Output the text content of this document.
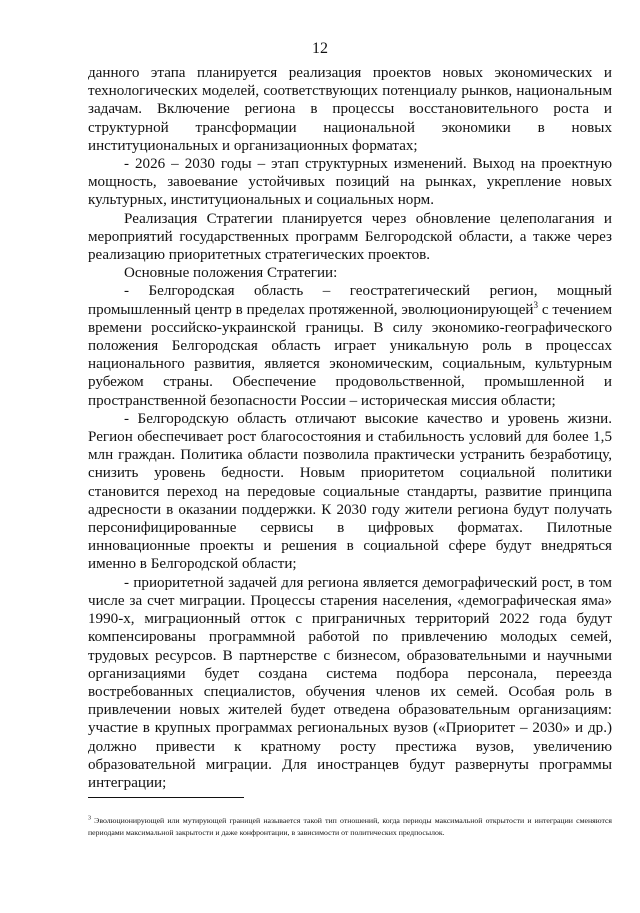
12

данного этапа планируется реализация проектов новых экономических и технологических моделей, соответствующих потенциалу рынков, национальным задачам. Включение региона в процессы восстановительного роста и структурной трансформации национальной экономики в новых институциональных и организационных форматах;

- 2026 – 2030 годы – этап структурных изменений. Выход на проектную мощность, завоевание устойчивых позиций на рынках, укрепление новых культурных, институциональных и социальных норм.

Реализация Стратегии планируется через обновление целеполагания и мероприятий государственных программ Белгородской области, а также через реализацию приоритетных стратегических проектов.

Основные положения Стратегии:

- Белгородская область – геостратегический регион, мощный промышленный центр в пределах протяженной, эволюционирующей$^3$ с течением времени российско-украинской границы. В силу экономико-географического положения Белгородская область играет уникальную роль в процессах национального развития, является экономическим, социальным, культурным рубежом страны. Обеспечение продовольственной, промышленной и пространственной безопасности России – историческая миссия области;

- Белгородскую область отличают высокие качество и уровень жизни. Регион обеспечивает рост благосостояния и стабильность условий для более 1,5 млн граждан. Политика области позволила практически устранить безработицу, снизить уровень бедности. Новым приоритетом социальной политики становится переход на передовые социальные стандарты, развитие принципа адресности в оказании поддержки. К 2030 году жители региона будут получать персонифицированные сервисы в цифровых форматах. Пилотные инновационные проекты и решения в социальной сфере будут внедряться именно в Белгородской области;

- приоритетной задачей для региона является демографический рост, в том числе за счет миграции. Процессы старения населения, «демографическая яма» 1990-х, миграционный отток с приграничных территорий 2022 года будут компенсированы программной работой по привлечению молодых семей, трудовых ресурсов. В партнерстве с бизнесом, образовательными и научными организациями будет создана система подбора персонала, переезда востребованных специалистов, обучения членов их семей. Особая роль в привлечении новых жителей будет отведена образовательным организациям: участие в крупных программах региональных вузов («Приоритет – 2030» и др.) должно привести к кратному росту престижа вузов, увеличению образовательной миграции. Для иностранцев будут развернуты программы интеграции;

$^3$ Эволюционирующей или мутирующей границей называется такой тип отношений, когда периоды максимальной открытости и интеграции сменяются периодами максимальной закрытости и даже конфронтации, в зависимости от политических предпосылок.
